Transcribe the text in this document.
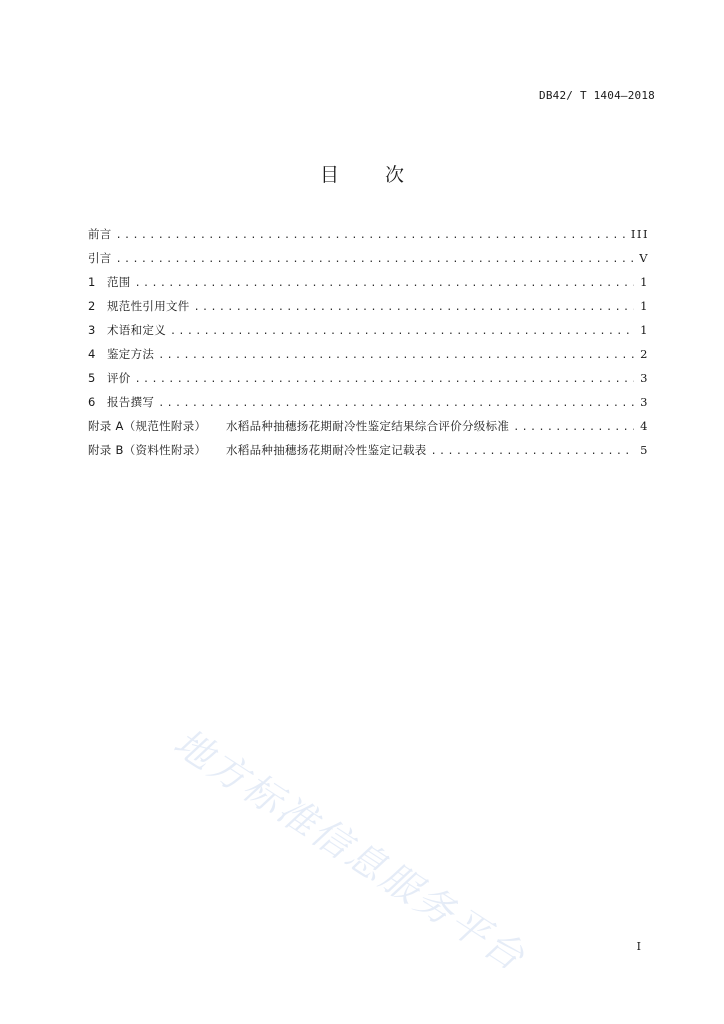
DB42/ T 1404—2018
目 次
前言 .....	III
引言 .....	V
1	范围 .....	1
2	规范性引用文件 .....	1
3	术语和定义 .....	1
4	鉴定方法 .....	2
5	评价 .....	3
6	报告撰写 .....	3
附录 A（规范性附录）	水稻品种抽穗扬花期耐冷性鉴定结果综合评价分级标准 .....	4
附录 B（资料性附录）	水稻品种抽穗扬花期耐冷性鉴定记载表 .....	5
地方标准信息服务平台	I
